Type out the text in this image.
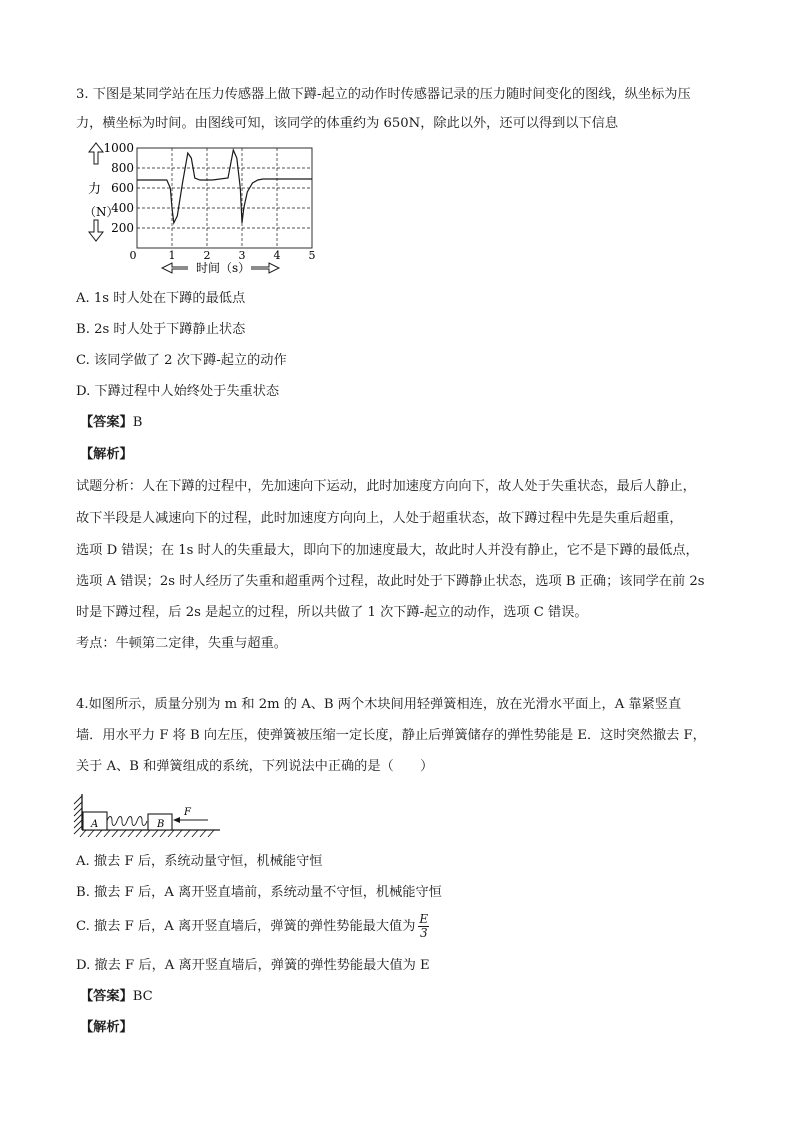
3. 下图是某同学站在压力传感器上做下蹲-起立的动作时传感器记录的压力随时间变化的图线，纵坐标为压
力，横坐标为时间。由图线可知，该同学的体重约为 650N，除此以外，还可以得到以下信息
1000
800
600
400
200
0	1	2	3	4	5
力
（N）
时间（s）
A. 1s 时人处在下蹲的最低点
B. 2s 时人处于下蹲静止状态
C. 该同学做了 2 次下蹲-起立的动作
D. 下蹲过程中人始终处于失重状态
【答案】B
【解析】
试题分析：人在下蹲的过程中，先加速向下运动，此时加速度方向向下，故人处于失重状态，最后人静止，
故下半段是人减速向下的过程，此时加速度方向向上，人处于超重状态，故下蹲过程中先是失重后超重，
选项 D 错误；在 1s 时人的失重最大，即向下的加速度最大，故此时人并没有静止，它不是下蹲的最低点，
选项 A 错误；2s 时人经历了失重和超重两个过程，故此时处于下蹲静止状态，选项 B 正确；该同学在前 2s
时是下蹲过程，后 2s 是起立的过程，所以共做了 1 次下蹲-起立的动作，选项 C 错误。
考点：牛顿第二定律，失重与超重。
4.如图所示，质量分别为 m 和 2m 的 A、B 两个木块间用轻弹簧相连，放在光滑水平面上，A 靠紧竖直
墙．用水平力 F 将 B 向左压，使弹簧被压缩一定长度，静止后弹簧储存的弹性势能是 E．这时突然撤去 F，
关于 A、B 和弹簧组成的系统，下列说法中正确的是（　　）
A	B
F
A. 撤去 F 后，系统动量守恒，机械能守恒
B. 撤去 F 后，A 离开竖直墙前，系统动量不守恒，机械能守恒
C. 撤去 F 后，A 离开竖直墙后，弹簧的弹性势能最大值为 $\frac{E}{3}$
D. 撤去 F 后，A 离开竖直墙后，弹簧的弹性势能最大值为 E
【答案】BC
【解析】
